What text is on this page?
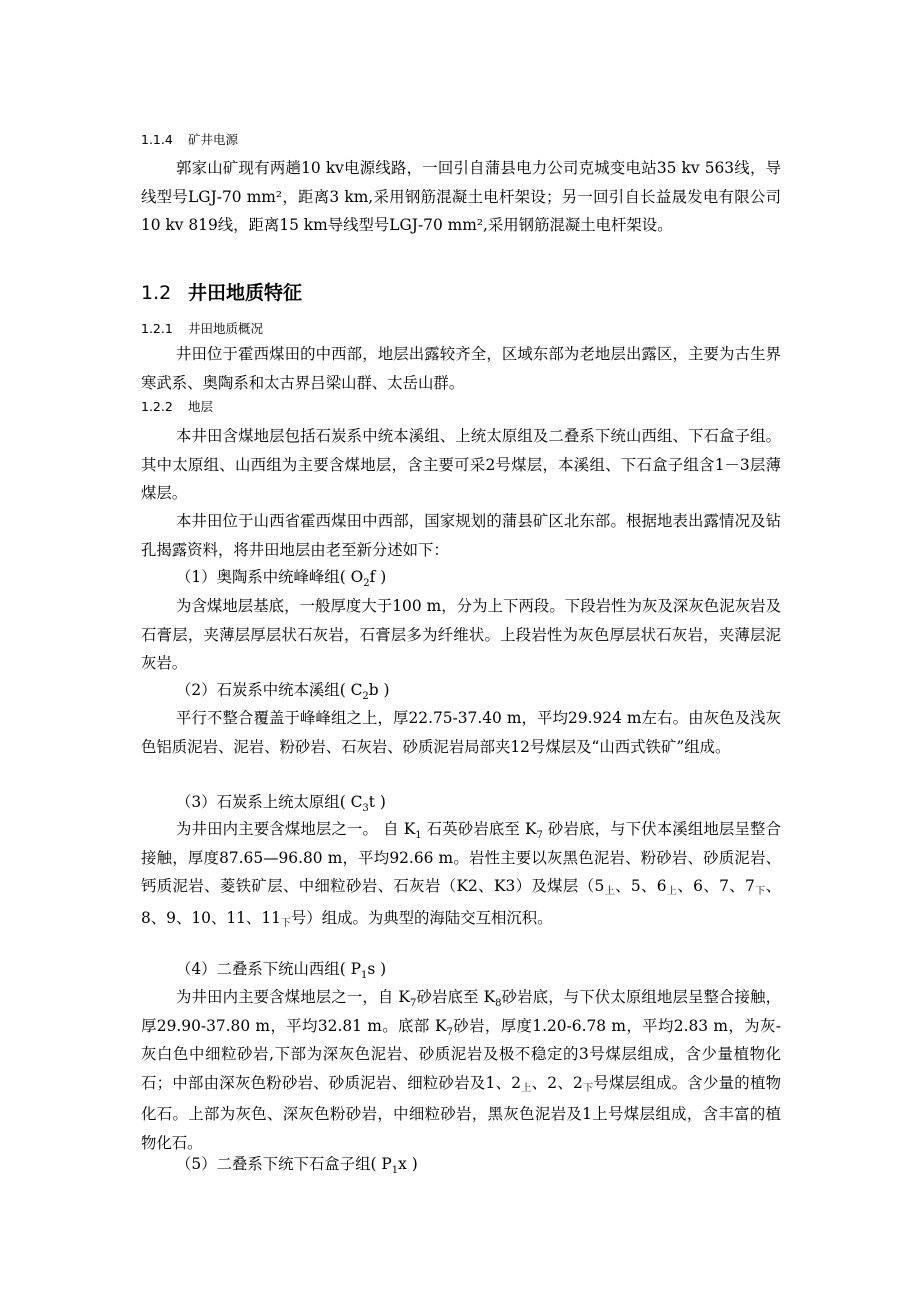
1.1.4 矿井电源
郭家山矿现有两趟10 kv电源线路，一回引自蒲县电力公司克城变电站35 kv 563线，导线型号LGJ-70 mm²，距离3 km,采用钢筋混凝土电杆架设；另一回引自长益晟发电有限公司10 kv 819线，距离15 km导线型号LGJ-70 mm²,采用钢筋混凝土电杆架设。
1.2 井田地质特征
1.2.1 井田地质概况
井田位于霍西煤田的中西部，地层出露较齐全，区域东部为老地层出露区，主要为古生界寒武系、奥陶系和太古界吕梁山群、太岳山群。
1.2.2 地层
本井田含煤地层包括石炭系中统本溪组、上统太原组及二叠系下统山西组、下石盒子组。其中太原组、山西组为主要含煤地层，含主要可采2号煤层，本溪组、下石盒子组含1－3层薄煤层。
本井田位于山西省霍西煤田中西部，国家规划的蒲县矿区北东部。根据地表出露情况及钻孔揭露资料，将井田地层由老至新分述如下：
（1）奥陶系中统峰峰组( $O_2f$ )
为含煤地层基底，一般厚度大于100 m，分为上下两段。下段岩性为灰及深灰色泥灰岩及石膏层，夹薄层厚层状石灰岩，石膏层多为纤维状。上段岩性为灰色厚层状石灰岩，夹薄层泥灰岩。
（2）石炭系中统本溪组( $C_2b$ )
平行不整合覆盖于峰峰组之上，厚22.75-37.40 m，平均29.924 m左右。由灰色及浅灰色铝质泥岩、泥岩、粉砂岩、石灰岩、砂质泥岩局部夹12号煤层及“山西式铁矿”组成。
（3）石炭系上统太原组( $C_3t$ )
为井田内主要含煤地层之一。 自 $K_1$ 石英砂岩底至 $K_7$ 砂岩底，与下伏本溪组地层呈整合接触，厚度87.65—96.80 m，平均92.66 m。岩性主要以灰黑色泥岩、粉砂岩、砂质泥岩、钙质泥岩、菱铁矿层、中细粒砂岩、石灰岩（K2、K3）及煤层（5上、5、6上、6、7、7下、8、9、10、11、11下号）组成。为典型的海陆交互相沉积。
（4）二叠系下统山西组( $P_1s$ )
为井田内主要含煤地层之一，自 $K_7$砂岩底至 $K_8$砂岩底，与下伏太原组地层呈整合接触，厚29.90-37.80 m，平均32.81 m。底部 $K_7$砂岩，厚度1.20-6.78 m，平均2.83 m，为灰-灰白色中细粒砂岩,下部为深灰色泥岩、砂质泥岩及极不稳定的3号煤层组成，含少量植物化石；中部由深灰色粉砂岩、砂质泥岩、细粒砂岩及1、2上、2、2下号煤层组成。含少量的植物化石。上部为灰色、深灰色粉砂岩，中细粒砂岩，黑灰色泥岩及1上号煤层组成，含丰富的植物化石。
（5）二叠系下统下石盒子组( $P_1x$ )
